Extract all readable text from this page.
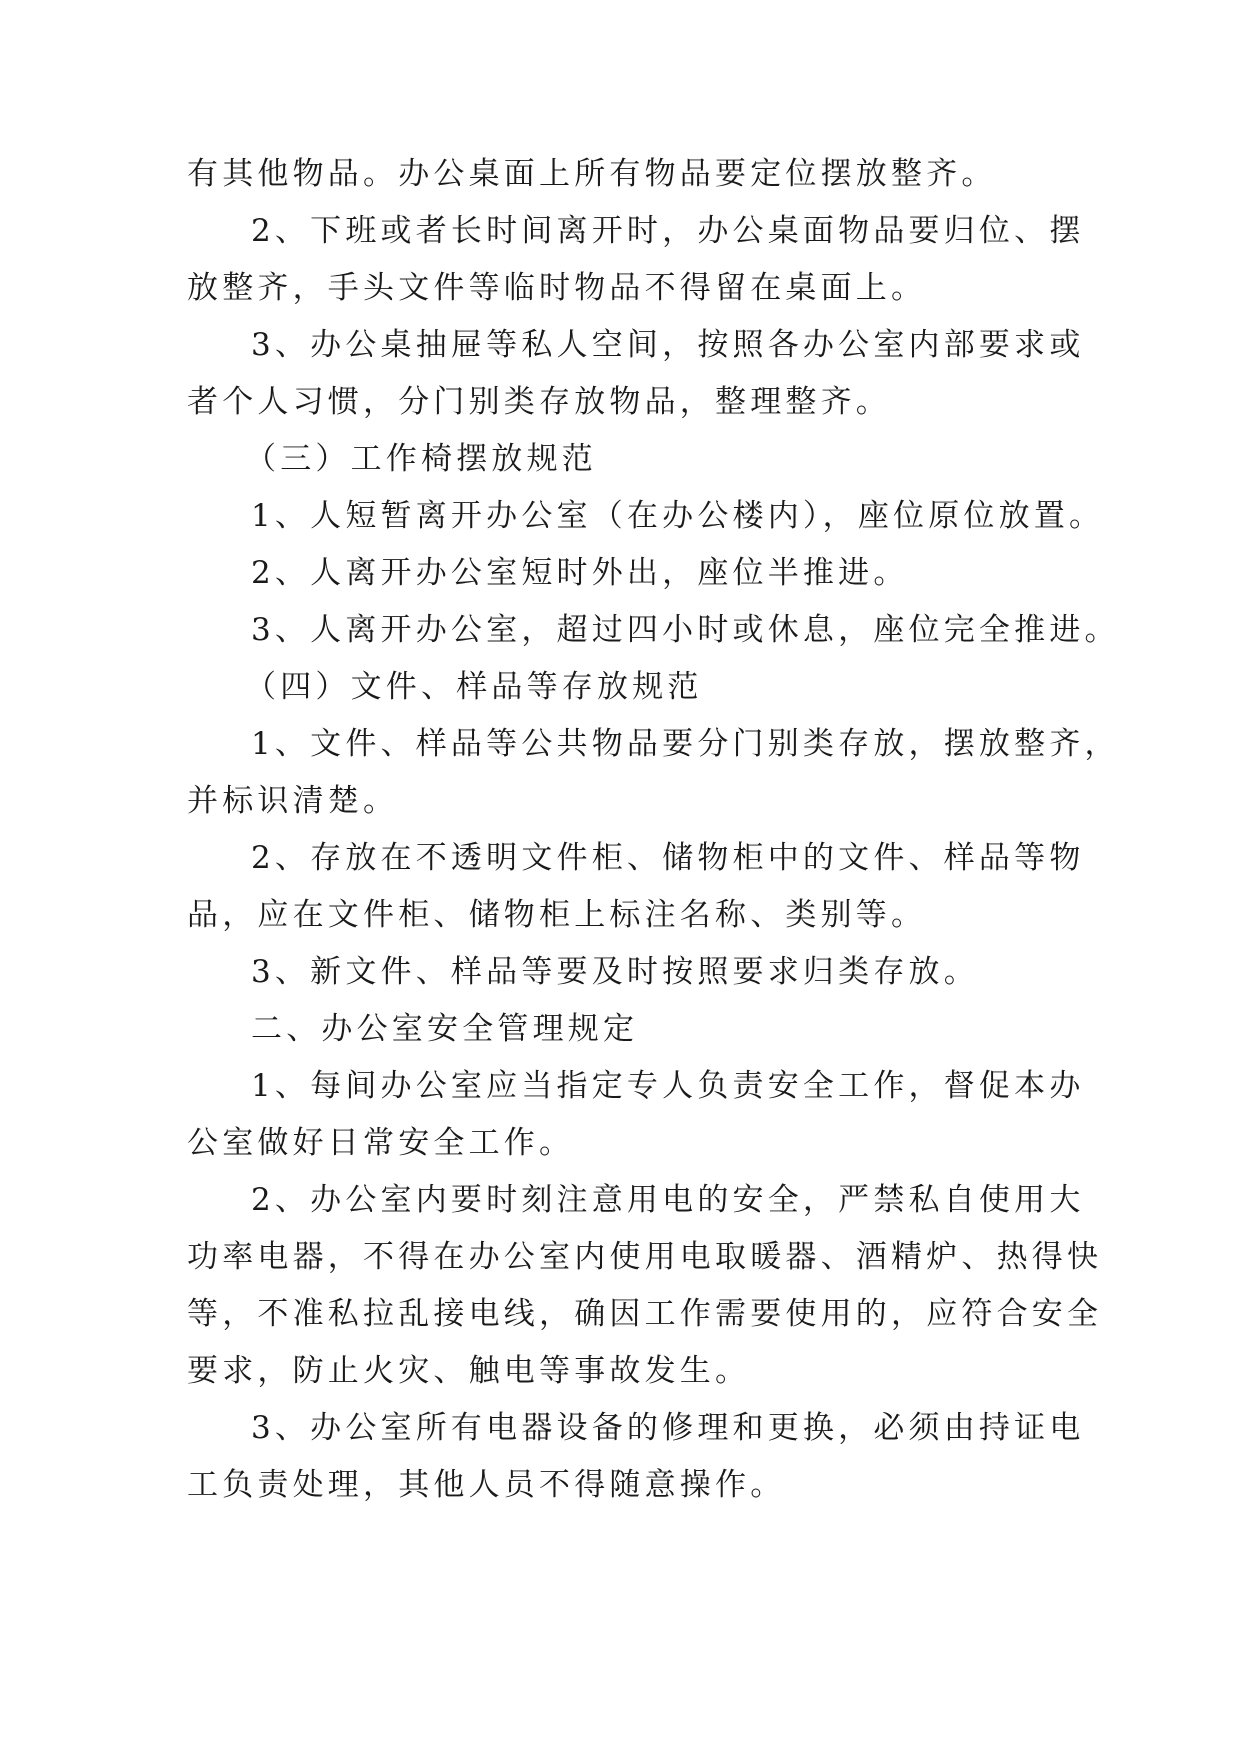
有其他物品。办公桌面上所有物品要定位摆放整齐。
2、下班或者长时间离开时，办公桌面物品要归位、摆
放整齐，手头文件等临时物品不得留在桌面上。
3、办公桌抽屉等私人空间，按照各办公室内部要求或
者个人习惯，分门别类存放物品，整理整齐。
（三）工作椅摆放规范
1、人短暂离开办公室（在办公楼内），座位原位放置。
2、人离开办公室短时外出，座位半推进。
3、人离开办公室，超过四小时或休息，座位完全推进。
（四）文件、样品等存放规范
1、文件、样品等公共物品要分门别类存放，摆放整齐，
并标识清楚。
2、存放在不透明文件柜、储物柜中的文件、样品等物
品，应在文件柜、储物柜上标注名称、类别等。
3、新文件、样品等要及时按照要求归类存放。
二、办公室安全管理规定
1、每间办公室应当指定专人负责安全工作，督促本办
公室做好日常安全工作。
2、办公室内要时刻注意用电的安全，严禁私自使用大
功率电器，不得在办公室内使用电取暖器、酒精炉、热得快
等，不准私拉乱接电线，确因工作需要使用的，应符合安全
要求，防止火灾、触电等事故发生。
3、办公室所有电器设备的修理和更换，必须由持证电
工负责处理，其他人员不得随意操作。
